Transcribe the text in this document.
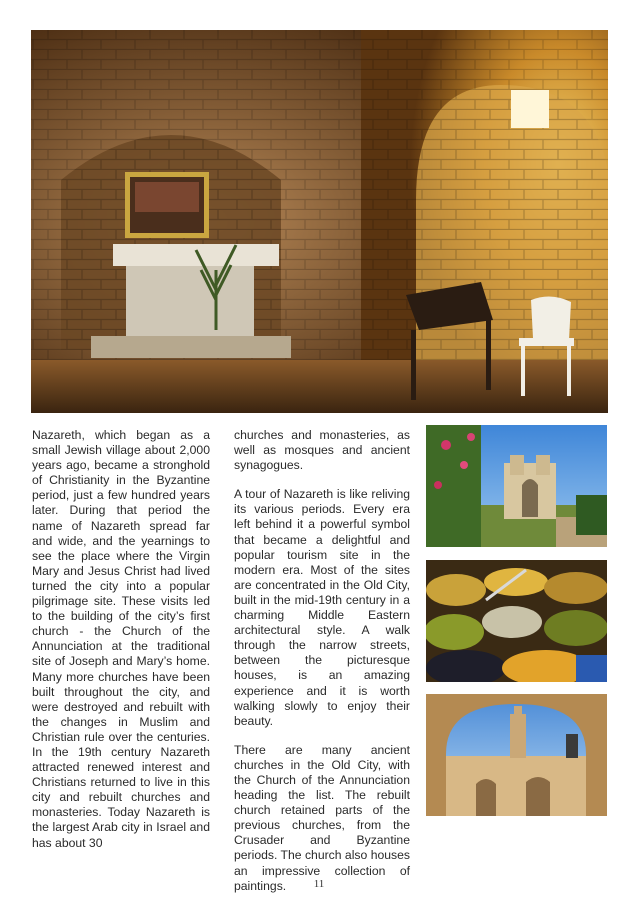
Nazareth, which began as a small Jewish village about 2,000 years ago, became a stronghold of Christianity in the Byzantine period, just a few hundred years later. During that period the name of Nazareth spread far and wide, and the yearnings to see the place where the Virgin Mary and Jesus Christ had lived turned the city into a popular pilgrimage site. These visits led to the building of the city’s first church - the Church of the Annunciation at the traditional site of Joseph and Mary’s home. Many more churches have been built throughout the city, and were destroyed and rebuilt with the changes in Muslim and Christian rule over the centuries. In the 19th century Nazareth attracted renewed interest and Christians returned to live in this city and rebuilt churches and monasteries. Today Nazareth is the largest Arab city in Israel and has about 30

churches and monasteries, as well as mosques and ancient synagogues.

A tour of Nazareth is like reliving its various periods. Every era left behind it a powerful symbol that became a delightful and popular tourism site in the modern era. Most of the sites are concentrated in the Old City, built in the mid-19th century in a charming Middle Eastern architectural style. A walk through the narrow streets, between the picturesque houses, is an amazing experience and it is worth walking slowly to enjoy their beauty.

There are many ancient churches in the Old City, with the Church of the Annunciation heading the list. The rebuilt church retained parts of the previous churches, from the Crusader and Byzantine periods. The church also houses an impressive collection of paintings.	11
